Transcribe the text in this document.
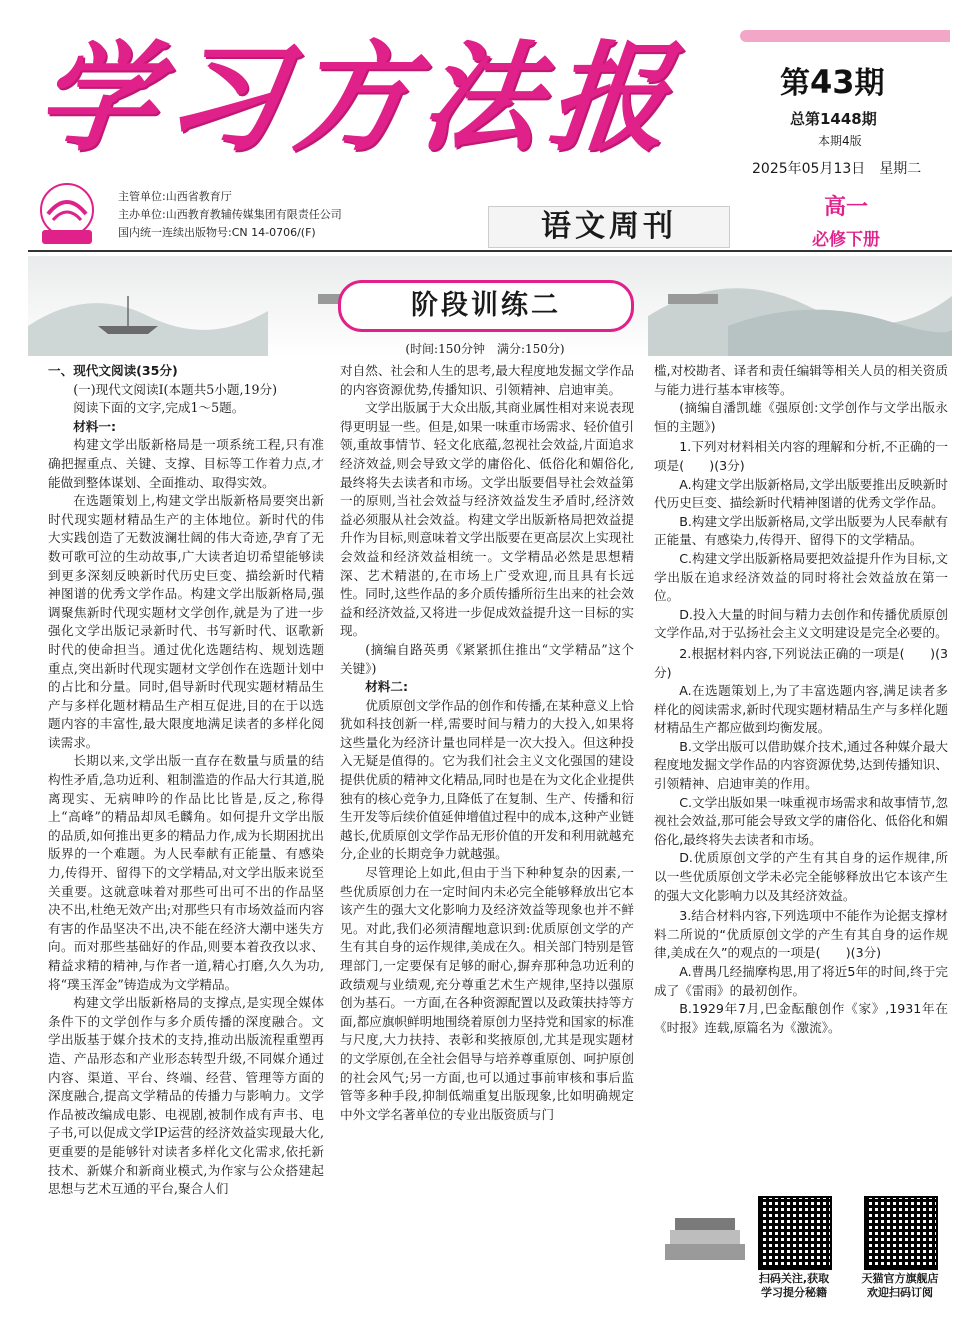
学习方法报	第43期
总第1448期
本期4版
2025年05月13日　星期二
主管单位:山西省教育厅
主办单位:山西教育教辅传媒集团有限责任公司
国内统一连续出版物号:CN 14-0706/(F)	语文周刊
高一
必修下册
阶段训练二
(时间:150分钟　满分:150分)

一、现代文阅读(35分)

(一)现代文阅读Ⅰ(本题共5小题,19分)

阅读下面的文字,完成1～5题。

材料一:

构建文学出版新格局是一项系统工程,只有准确把握重点、关键、支撑、目标等工作着力点,才能做到整体谋划、全面推动、取得实效。

在选题策划上,构建文学出版新格局要突出新时代现实题材精品生产的主体地位。新时代的伟大实践创造了无数波澜壮阔的伟大奇迹,孕育了无数可歌可泣的生动故事,广大读者迫切希望能够读到更多深刻反映新时代历史巨变、描绘新时代精神图谱的优秀文学作品。构建文学出版新格局,强调聚焦新时代现实题材文学创作,就是为了进一步强化文学出版记录新时代、书写新时代、讴歌新时代的使命担当。通过优化选题结构、规划选题重点,突出新时代现实题材文学创作在选题计划中的占比和分量。同时,倡导新时代现实题材精品生产与多样化题材精品生产相互促进,目的在于以选题内容的丰富性,最大限度地满足读者的多样化阅读需求。

长期以来,文学出版一直存在数量与质量的结构性矛盾,急功近利、粗制滥造的作品大行其道,脱离现实、无病呻吟的作品比比皆是,反之,称得上“高峰”的精品却凤毛麟角。如何提升文学出版的品质,如何推出更多的精品力作,成为长期困扰出版界的一个难题。为人民奉献有正能量、有感染力,传得开、留得下的文学精品,对文学出版来说至关重要。这就意味着对那些可出可不出的作品坚决不出,杜绝无效产出;对那些只有市场效益而内容有害的作品坚决不出,决不能在经济大潮中迷失方向。而对那些基础好的作品,则要本着孜孜以求、精益求精的精神,与作者一道,精心打磨,久久为功,将“璞玉浑金”铸造成为文学精品。

构建文学出版新格局的支撑点,是实现全媒体条件下的文学创作与多介质传播的深度融合。文学出版基于媒介技术的支持,推动出版流程重塑再造、产品形态和产业形态转型升级,不同媒介通过内容、渠道、平台、终端、经营、管理等方面的深度融合,提高文学精品的传播力与影响力。文学作品被改编成电影、电视剧,被制作成有声书、电子书,可以促成文学IP运营的经济效益实现最大化,更重要的是能够针对读者多样化文化需求,依托新技术、新媒介和新商业模式,为作家与公众搭建起思想与艺术互通的平台,聚合人们

对自然、社会和人生的思考,最大程度地发掘文学作品的内容资源优势,传播知识、引领精神、启迪审美。

文学出版属于大众出版,其商业属性相对来说表现得更明显一些。但是,如果一味重市场需求、轻价值引领,重故事情节、轻文化底蕴,忽视社会效益,片面追求经济效益,则会导致文学的庸俗化、低俗化和媚俗化,最终将失去读者和市场。文学出版要倡导社会效益第一的原则,当社会效益与经济效益发生矛盾时,经济效益必须服从社会效益。构建文学出版新格局把效益提升作为目标,则意味着文学出版要在更高层次上实现社会效益和经济效益相统一。文学精品必然是思想精深、艺术精湛的,在市场上广受欢迎,而且具有长远性。同时,这些作品的多介质传播所衍生出来的社会效益和经济效益,又将进一步促成效益提升这一目标的实现。

(摘编自路英勇《紧紧抓住推出“文学精品”这个关键》)

材料二:

优质原创文学作品的创作和传播,在某种意义上恰犹如科技创新一样,需要时间与精力的大投入,如果将这些量化为经济计量也同样是一次大投入。但这种投入无疑是值得的。它为我们社会主义文化强国的建设提供优质的精神文化精品,同时也是在为文化企业提供独有的核心竞争力,且降低了在复制、生产、传播和衍生开发等后续价值延伸增值过程中的成本,这种产业链越长,优质原创文学作品无形价值的开发和利用就越充分,企业的长期竞争力就越强。

尽管理论上如此,但由于当下种种复杂的因素,一些优质原创力在一定时间内未必完全能够释放出它本该产生的强大文化影响力及经济效益等现象也并不鲜见。对此,我们必须清醒地意识到:优质原创文学的产生有其自身的运作规律,美成在久。相关部门特别是管理部门,一定要保有足够的耐心,摒弃那种急功近利的政绩观与业绩观,充分尊重艺术生产规律,坚持以强原创为基石。一方面,在各种资源配置以及政策扶持等方面,都应旗帜鲜明地围绕着原创力坚持党和国家的标准与尺度,大力扶持、表彰和奖掖原创,尤其是现实题材的文学原创,在全社会倡导与培养尊重原创、呵护原创的社会风气;另一方面,也可以通过事前审核和事后监管等多种手段,抑制低端重复出版现象,比如明确规定中外文学名著单位的专业出版资质与门

槛,对校勘者、译者和责任编辑等相关人员的相关资质与能力进行基本审核等。

(摘编自潘凯雄《强原创:文学创作与文学出版永恒的主题》)

1.下列对材料相关内容的理解和分析,不正确的一项是(　　)(3分)

A.构建文学出版新格局,文学出版要推出反映新时代历史巨变、描绘新时代精神图谱的优秀文学作品。

B.构建文学出版新格局,文学出版要为人民奉献有正能量、有感染力,传得开、留得下的文学精品。

C.构建文学出版新格局要把效益提升作为目标,文学出版在追求经济效益的同时将社会效益放在第一位。

D.投入大量的时间与精力去创作和传播优质原创文学作品,对于弘扬社会主义文明建设是完全必要的。

2.根据材料内容,下列说法正确的一项是(　　)(3分)

A.在选题策划上,为了丰富选题内容,满足读者多样化的阅读需求,新时代现实题材精品生产与多样化题材精品生产都应做到均衡发展。

B.文学出版可以借助媒介技术,通过各种媒介最大程度地发掘文学作品的内容资源优势,达到传播知识、引领精神、启迪审美的作用。

C.文学出版如果一味重视市场需求和故事情节,忽视社会效益,那可能会导致文学的庸俗化、低俗化和媚俗化,最终将失去读者和市场。

D.优质原创文学的产生有其自身的运作规律,所以一些优质原创文学未必完全能够释放出它本该产生的强大文化影响力以及其经济效益。

3.结合材料内容,下列选项中不能作为论据支撑材料二所说的“优质原创文学的产生有其自身的运作规律,美成在久”的观点的一项是(　　)(3分)

A.曹禺几经揣摩构思,用了将近5年的时间,终于完成了《雷雨》的最初创作。

B.1929年7月,巴金酝酿创作《家》,1931年在《时报》连载,原篇名为《激流》。

扫码关注,获取
学习提分秘籍
天猫官方旗舰店
欢迎扫码订阅
